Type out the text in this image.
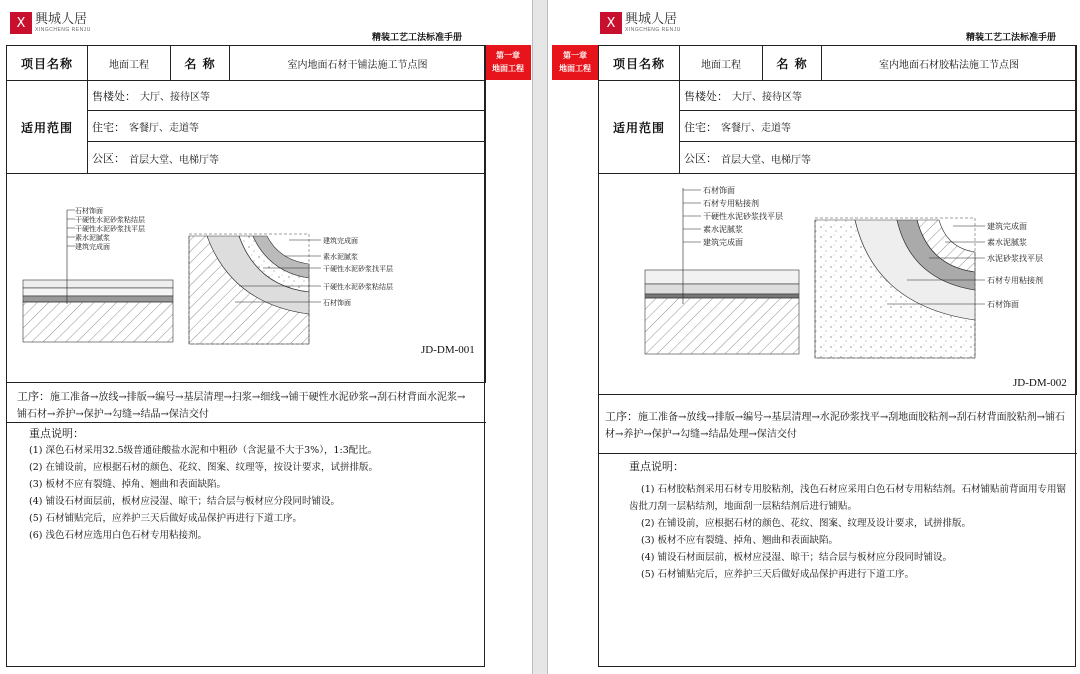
X 興城人居
XINGCHENG RENJU
精装工艺工法标准手册
第一章
地面工程
项目名称	地面工程	名 称	室内地面石材干铺法施工节点图
适用范围
售楼处： 大厅、接待区等
住宅： 客餐厅、走道等
公区： 首层大堂、电梯厅等
石材饰面
干硬性水泥砂浆粘结层
干硬性水泥砂浆找平层
素水泥腻浆
建筑完成面
建筑完成面
素水泥腻浆
干硬性水泥砂浆找平层
干硬性水泥砂浆粘结层
石材饰面
JD-DM-001
工序：施工准备→放线→排版→编号→基层清理→扫浆→细线→铺干硬性水泥砂浆→刮石材背面水泥浆→铺石材→养护→保护→勾缝→结晶→保洁交付
重点说明：
(1) 深色石材采用32.5级普通硅酸盐水泥和中粗砂（含泥量不大于3%），1:3配比。
(2) 在铺设前，应根据石材的颜色、花纹、图案、纹理等，按设计要求，试拼排版。
(3) 板材不应有裂缝、掉角、翘曲和表面缺陷。
(4) 铺设石材面层前，板材应浸湿、晾干；结合层与板材应分段同时铺设。
(5) 石材铺贴完后，应养护三天后做好成品保护再进行下道工序。
(6) 浅色石材应选用白色石材专用粘接剂。
X 興城人居
XINGCHENG RENJU
精装工艺工法标准手册
第一章
地面工程	项目名称	地面工程	名 称	室内地面石材胶粘法施工节点图
适用范围
售楼处： 大厅、接待区等
住宅： 客餐厅、走道等
公区： 首层大堂、电梯厅等
石材饰面
石材专用粘接剂
干硬性水泥砂浆找平层
素水泥腻浆
建筑完成面
建筑完成面
素水泥腻浆
水泥砂浆找平层
石材专用粘接剂
石材饰面
JD-DM-002
工序：施工准备→放线→排版→编号→基层清理→水泥砂浆找平→刮地面胶粘剂→刮石材背面胶粘剂→铺石材→养护→保护→勾缝→结晶处理→保洁交付
重点说明：
(1) 石材胶粘剂采用石材专用胶粘剂，浅色石材应采用白色石材专用粘结剂。石材铺贴前背面用专用锯齿批刀刮一层粘结剂，地面刮一层粘结剂后进行铺贴。
(2) 在铺设前，应根据石材的颜色、花纹、图案、纹理及设计要求，试拼排版。
(3) 板材不应有裂缝、掉角、翘曲和表面缺陷。
(4) 铺设石材面层前，板材应浸湿、晾干；结合层与板材应分段同时铺设。
(5) 石材铺贴完后，应养护三天后做好成品保护再进行下道工序。
